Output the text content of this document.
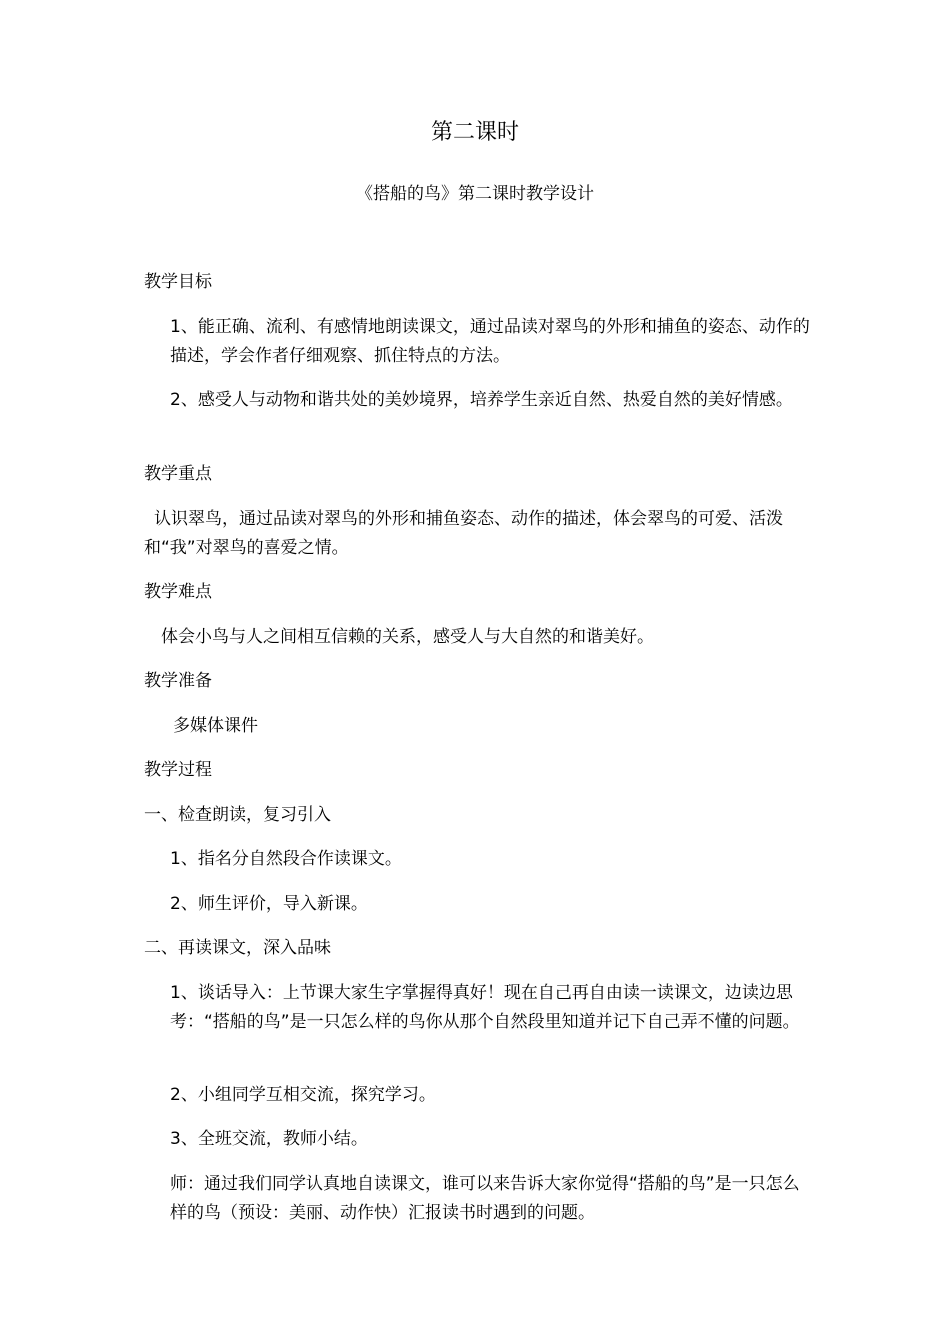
第二课时
《搭船的鸟》第二课时教学设计
教学目标
1、能正确、流利、有感情地朗读课文，通过品读对翠鸟的外形和捕鱼的姿态、动作的描述，学会作者仔细观察、抓住特点的方法。
2、感受人与动物和谐共处的美妙境界，培养学生亲近自然、热爱自然的美好情感。
教学重点
认识翠鸟，通过品读对翠鸟的外形和捕鱼姿态、动作的描述，体会翠鸟的可爱、活泼和“我”对翠鸟的喜爱之情。
教学难点
体会小鸟与人之间相互信赖的关系，感受人与大自然的和谐美好。
教学准备
多媒体课件
教学过程
一、检查朗读，复习引入
1、指名分自然段合作读课文。
2、师生评价，导入新课。
二、再读课文，深入品味
1、谈话导入：上节课大家生字掌握得真好！现在自己再自由读一读课文，边读边思考：“搭船的鸟”是一只怎么样的鸟你从那个自然段里知道并记下自己弄不懂的问题。
2、小组同学互相交流，探究学习。
3、全班交流，教师小结。
师：通过我们同学认真地自读课文，谁可以来告诉大家你觉得“搭船的鸟”是一只怎么样的鸟（预设：美丽、动作快）汇报读书时遇到的问题。
